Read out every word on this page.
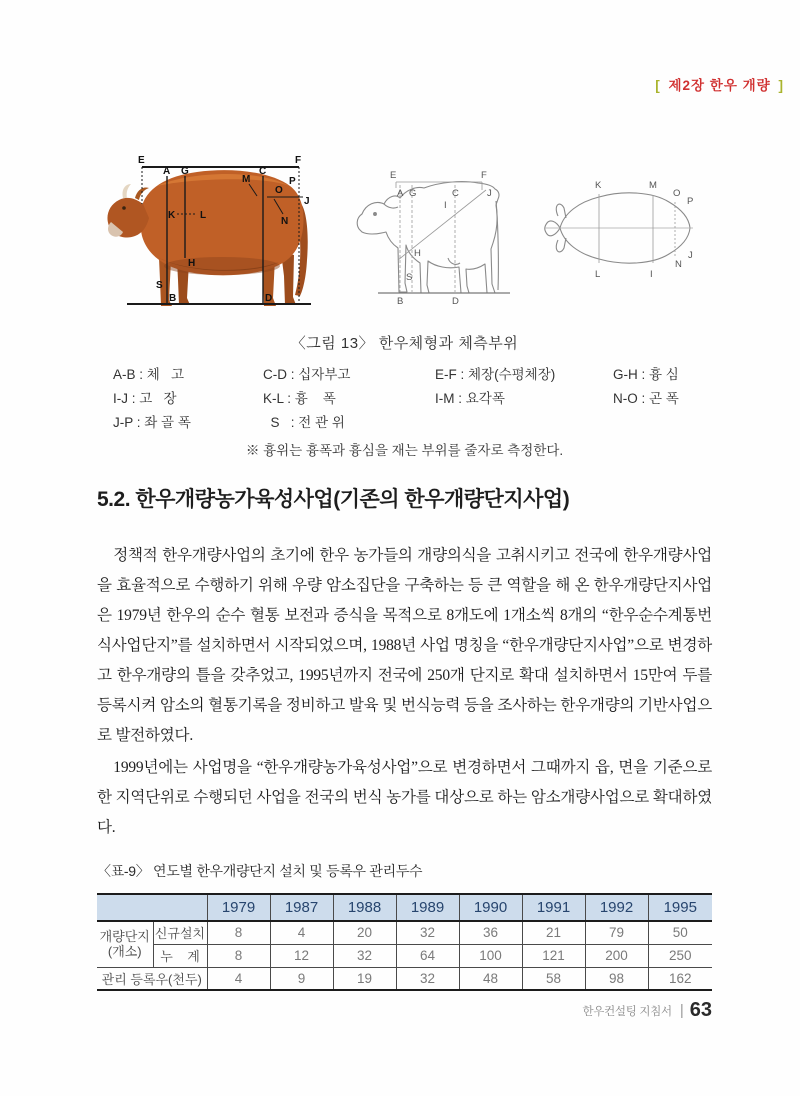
[ 제2장 한우 개량 ]
E	F
A G
K L
M
C
P
O
J
N
H
S
B	D
E	F
A G	C	J
I
H
S
B	D
K	M
O
P
L	I
N
J
〈그림 13〉 한우체형과 체측부위
A-B : 체   고	C-D : 십자부고	E-F : 체장(수평체장)	G-H : 흉 심
I-J : 고   장	K-L : 흉    폭	I-M : 요각폭	N-O : 곤 폭
J-P : 좌 골 폭	S   : 전 관 위
※ 흉위는 흉폭과 흉심을 재는 부위를 줄자로 측정한다.
5.2. 한우개량농가육성사업(기존의 한우개량단지사업)

정책적 한우개량사업의 초기에 한우 농가들의 개량의식을 고취시키고 전국에 한우개량사업을 효율적으로 수행하기 위해 우량 암소집단을 구축하는 등 큰 역할을 해 온 한우개량단지사업은 1979년 한우의 순수 혈통 보전과 증식을 목적으로 8개도에 1개소씩 8개의 “한우순수계통번식사업단지”를 설치하면서 시작되었으며, 1988년 사업 명칭을 “한우개량단지사업”으로 변경하고 한우개량의 틀을 갖추었고, 1995년까지 전국에 250개 단지로 확대 설치하면서 15만여 두를 등록시켜 암소의 혈통기록을 정비하고 발육 및 번식능력 등을 조사하는 한우개량의 기반사업으로 발전하였다.

1999년에는 사업명을 “한우개량농가육성사업”으로 변경하면서 그때까지 읍, 면을 기준으로 한 지역단위로 수행되던 사업을 전국의 번식 농가를 대상으로 하는 암소개량사업으로 확대하였다.

〈표-9〉 연도별 한우개량단지 설치 및 등록우 관리두수
		1979	1987	1988	1989	1990	1991	1992	1995

개량단지
(개소)	신규설치	8	4	20	32	36	21	79	50
	누    계	8	12	32	64	100	121	200	250
관리 등록우(천두)		4	9	19	32	48	58	98	162
한우컨설팅 지침서 | 63
